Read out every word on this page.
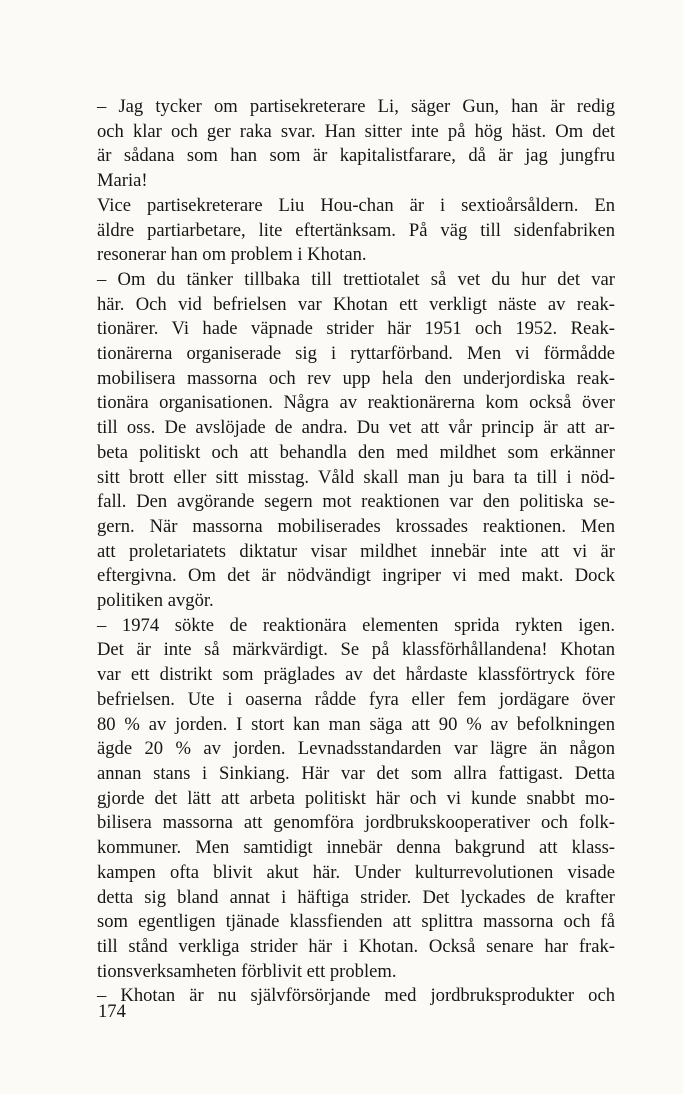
– Jag tycker om partisekreterare Li, säger Gun, han är redig
och klar och ger raka svar. Han sitter inte på hög häst. Om det
är sådana som han som är kapitalistfarare, då är jag jungfru
Maria!

Vice partisekreterare Liu Hou-chan är i sextioårsåldern. En
äldre partiarbetare, lite eftertänksam. På väg till sidenfabriken
resonerar han om problem i Khotan.

– Om du tänker tillbaka till trettiotalet så vet du hur det var
här. Och vid befrielsen var Khotan ett verkligt näste av reak-
tionärer. Vi hade väpnade strider här 1951 och 1952. Reak-
tionärerna organiserade sig i ryttarförband. Men vi förmådde
mobilisera massorna och rev upp hela den underjordiska reak-
tionära organisationen. Några av reaktionärerna kom också över
till oss. De avslöjade de andra. Du vet att vår princip är att ar-
beta politiskt och att behandla den med mildhet som erkänner
sitt brott eller sitt misstag. Våld skall man ju bara ta till i nöd-
fall. Den avgörande segern mot reaktionen var den politiska se-
gern. När massorna mobiliserades krossades reaktionen. Men
att proletariatets diktatur visar mildhet innebär inte att vi är
eftergivna. Om det är nödvändigt ingriper vi med makt. Dock
politiken avgör.

– 1974 sökte de reaktionära elementen sprida rykten igen.
Det är inte så märkvärdigt. Se på klassförhållandena! Khotan
var ett distrikt som präglades av det hårdaste klassförtryck före
befrielsen. Ute i oaserna rådde fyra eller fem jordägare över
80 % av jorden. I stort kan man säga att 90 % av befolkningen
ägde 20 % av jorden. Levnadsstandarden var lägre än någon
annan stans i Sinkiang. Här var det som allra fattigast. Detta
gjorde det lätt att arbeta politiskt här och vi kunde snabbt mo-
bilisera massorna att genomföra jordbrukskooperativer och folk-
kommuner. Men samtidigt innebär denna bakgrund att klass-
kampen ofta blivit akut här. Under kulturrevolutionen visade
detta sig bland annat i häftiga strider. Det lyckades de krafter
som egentligen tjänade klassfienden att splittra massorna och få
till stånd verkliga strider här i Khotan. Också senare har frak-
tionsverksamheten förblivit ett problem.

– Khotan är nu självförsörjande med jordbruksprodukter och

174
